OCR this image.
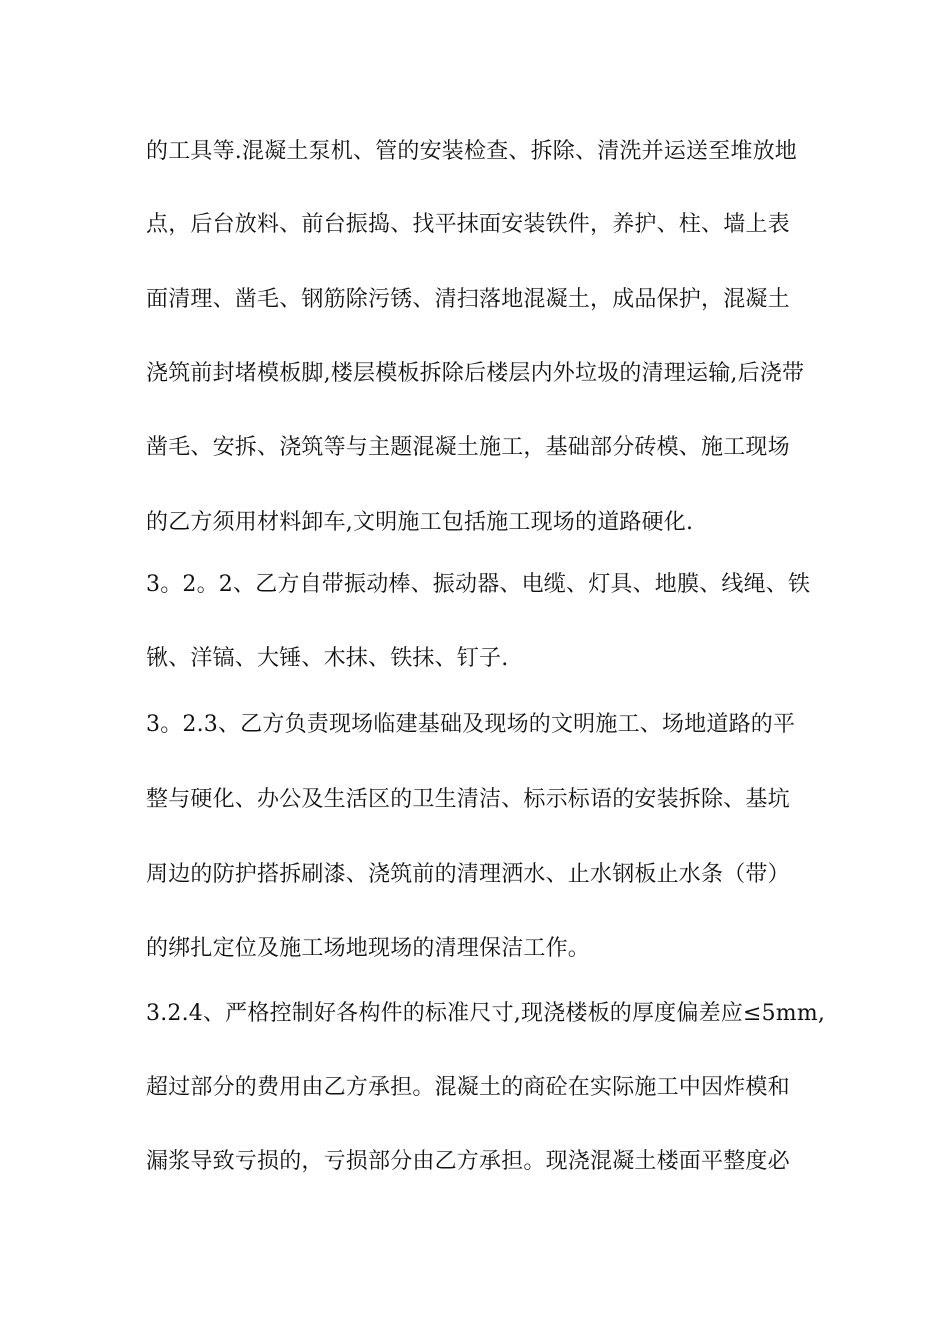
的工具等.混凝土泵机、管的安装检查、拆除、清洗并运送至堆放地
点，后台放料、前台振捣、找平抹面安装铁件，养护、柱、墙上表
面清理、凿毛、钢筋除污锈、清扫落地混凝土，成品保护，混凝土
浇筑前封堵模板脚,楼层模板拆除后楼层内外垃圾的清理运输,后浇带
凿毛、安拆、浇筑等与主题混凝土施工，基础部分砖模、施工现场
的乙方须用材料卸车,文明施工包括施工现场的道路硬化.
3。2。2、乙方自带振动棒、振动器、电缆、灯具、地膜、线绳、铁
锹、洋镐、大锤、木抹、铁抹、钉子.
3。2.3、乙方负责现场临建基础及现场的文明施工、场地道路的平
整与硬化、办公及生活区的卫生清洁、标示标语的安装拆除、基坑
周边的防护搭拆刷漆、浇筑前的清理洒水、止水钢板止水条（带）
的绑扎定位及施工场地现场的清理保洁工作。
3.2.4、严格控制好各构件的标准尺寸,现浇楼板的厚度偏差应≤5mm,
超过部分的费用由乙方承担。混凝土的商砼在实际施工中因炸模和
漏浆导致亏损的，亏损部分由乙方承担。现浇混凝土楼面平整度必
